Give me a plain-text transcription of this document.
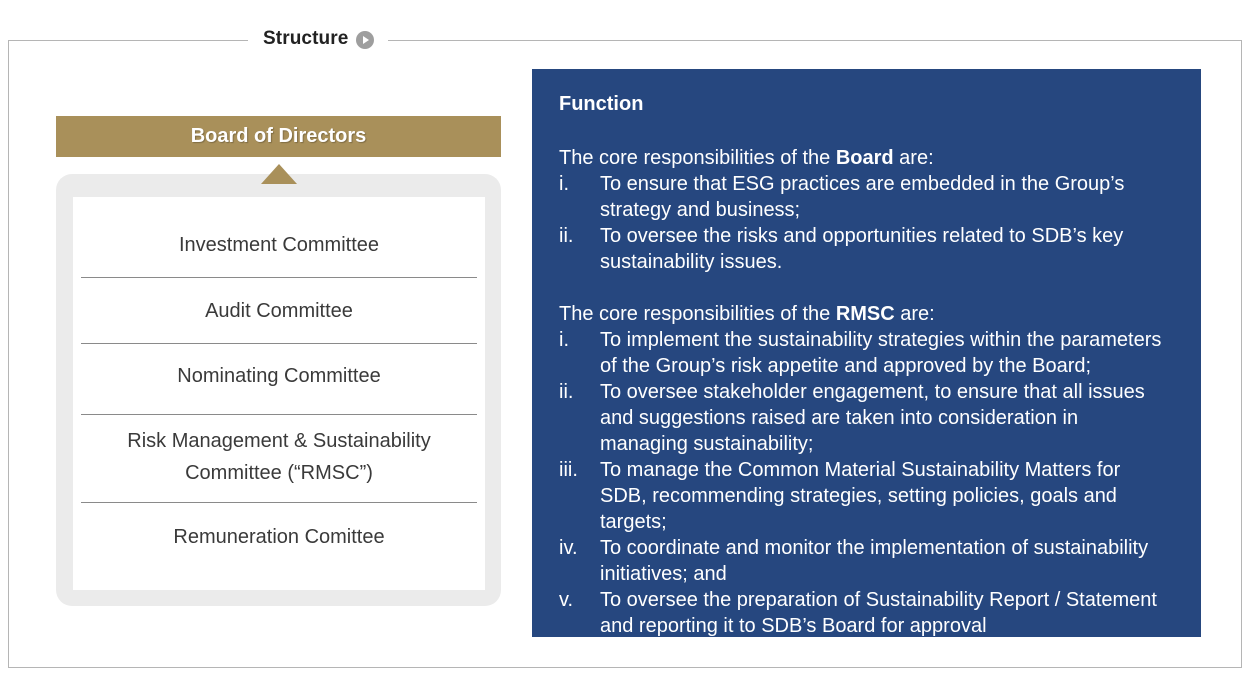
Structure
Board of Directors
Investment Committee
Audit Committee
Nominating Committee
Risk Management & Sustainability Committee (“RMSC”)
Remuneration Comittee
Function

The core responsibilities of the Board are:

i.	To ensure that ESG practices are embedded in the Group’s strategy and business;
ii.	To oversee the risks and opportunities related to SDB’s key sustainability issues.

The core responsibilities of the RMSC are:

i.	To implement the sustainability strategies within the parameters of the Group’s risk appetite and approved by the Board;
ii.	To oversee stakeholder engagement, to ensure that all issues and suggestions raised are taken into consideration in managing sustainability;
iii.	To manage the Common Material Sustainability Matters for SDB, recommending strategies, setting policies, goals and targets;
iv.	To coordinate and monitor the implementation of sustainability initiatives; and
v.	To oversee the preparation of Sustainability Report / Statement and reporting it to SDB’s Board for approval
